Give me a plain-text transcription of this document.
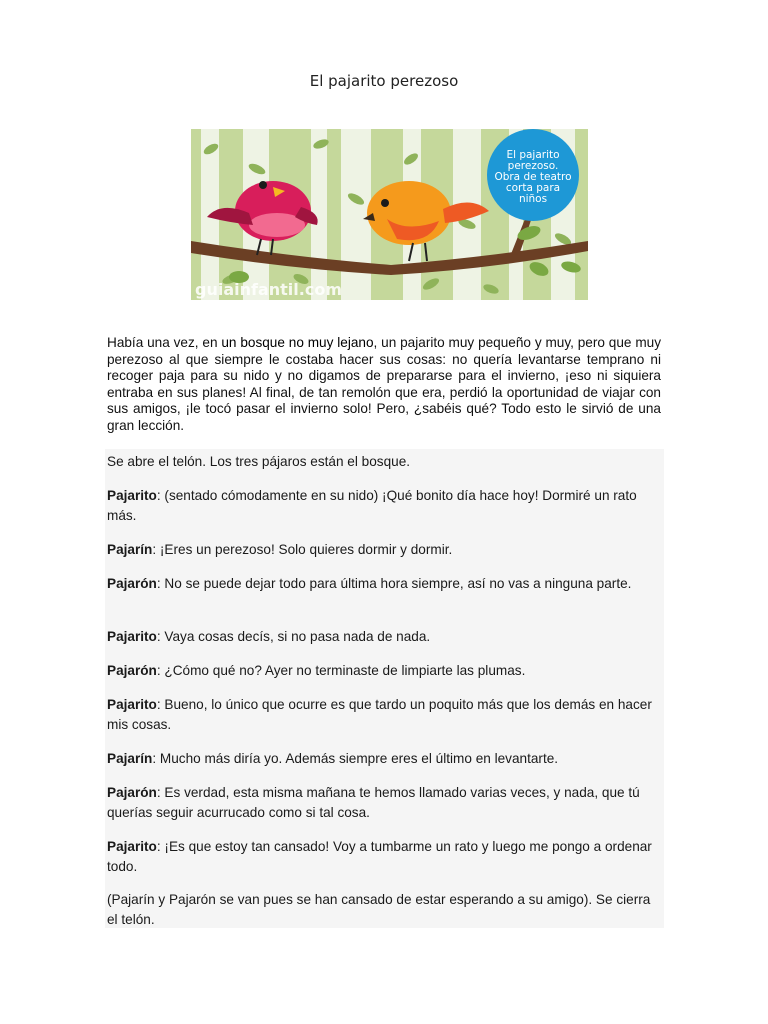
El pajarito perezoso
El pajarito
perezoso.
Obra de teatro
corta para
niños
guiainfantil.com
Había una vez, en un bosque no muy lejano, un pajarito muy pequeño y muy, pero que muy perezoso al que siempre le costaba hacer sus cosas: no quería levantarse temprano ni recoger paja para su nido y no digamos de prepararse para el invierno, ¡eso ni siquiera entraba en sus planes! Al final, de tan remolón que era, perdió la oportunidad de viajar con sus amigos, ¡le tocó pasar el invierno solo! Pero, ¿sabéis qué? Todo esto le sirvió de una gran lección.

Se abre el telón. Los tres pájaros están el bosque.

Pajarito: (sentado cómodamente en su nido) ¡Qué bonito día hace hoy! Dormiré un rato más.

Pajarín: ¡Eres un perezoso! Solo quieres dormir y dormir.

Pajarón: No se puede dejar todo para última hora siempre, así no vas a ninguna parte.

Pajarito: Vaya cosas decís, si no pasa nada de nada.

Pajarón: ¿Cómo qué no? Ayer no terminaste de limpiarte las plumas.

Pajarito: Bueno, lo único que ocurre es que tardo un poquito más que los demás en hacer mis cosas.

Pajarín: Mucho más diría yo. Además siempre eres el último en levantarte.

Pajarón: Es verdad, esta misma mañana te hemos llamado varias veces, y nada, que tú querías seguir acurrucado como si tal cosa.

Pajarito: ¡Es que estoy tan cansado! Voy a tumbarme un rato y luego me pongo a ordenar todo.

(Pajarín y Pajarón se van pues se han cansado de estar esperando a su amigo). Se cierra el telón.
